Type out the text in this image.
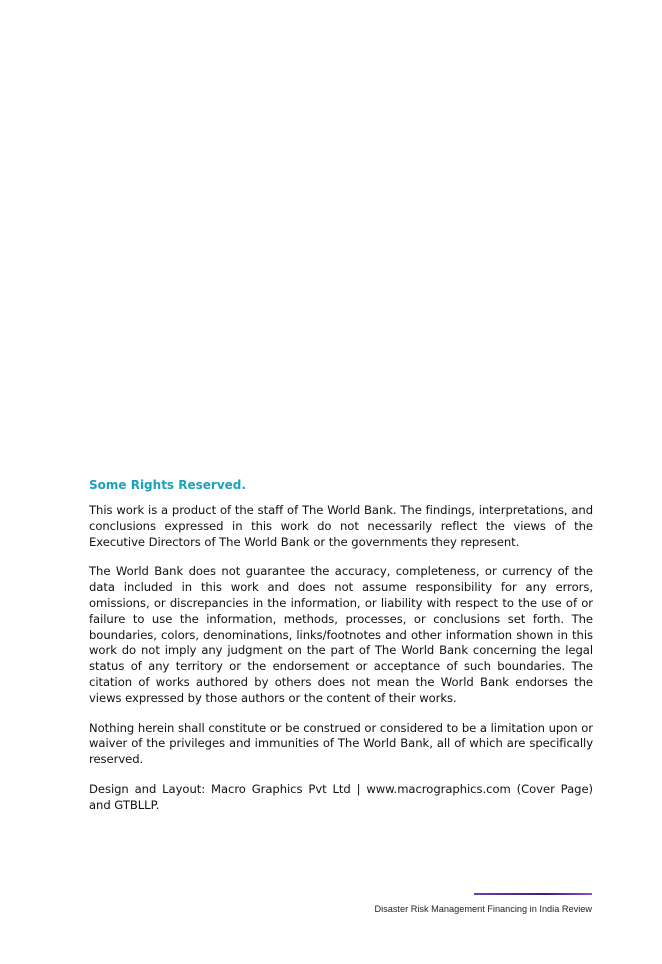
Some Rights Reserved.

This work is a product of the staff of The World Bank. The findings, interpretations, and conclusions expressed in this work do not necessarily reflect the views of the Executive Directors of The World Bank or the governments they represent.

The World Bank does not guarantee the accuracy, completeness, or currency of the data included in this work and does not assume responsibility for any errors, omissions, or discrepancies in the information, or liability with respect to the use of or failure to use the information, methods, processes, or conclusions set forth. The boundaries, colors, denominations, links/footnotes and other information shown in this work do not imply any judgment on the part of The World Bank concerning the legal status of any territory or the endorsement or acceptance of such boundaries. The citation of works authored by others does not mean the World Bank endorses the views expressed by those authors or the content of their works.

Nothing herein shall constitute or be construed or considered to be a limitation upon or waiver of the privileges and immunities of The World Bank, all of which are specifically reserved.

Design and Layout: Macro Graphics Pvt Ltd | www.macrographics.com (Cover Page) and GTBLLP.

Disaster Risk Management Financing in India Review
